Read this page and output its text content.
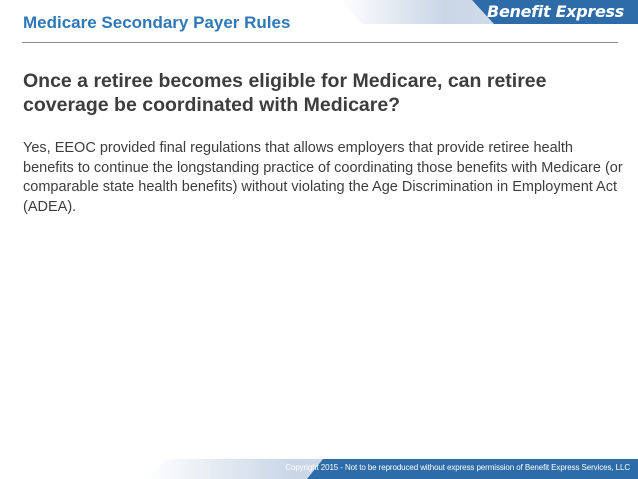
Medicare Secondary Payer Rules
Benefit Express
Once a retiree becomes eligible for Medicare, can retiree coverage be coordinated with Medicare?
Yes, EEOC provided final regulations that allows employers that provide retiree health benefits to continue the longstanding practice of coordinating those benefits with Medicare (or comparable state health benefits) without violating the Age Discrimination in Employment Act (ADEA).
Copyright 2015 - Not to be reproduced without express permission of Benefit Express Services, LLC
